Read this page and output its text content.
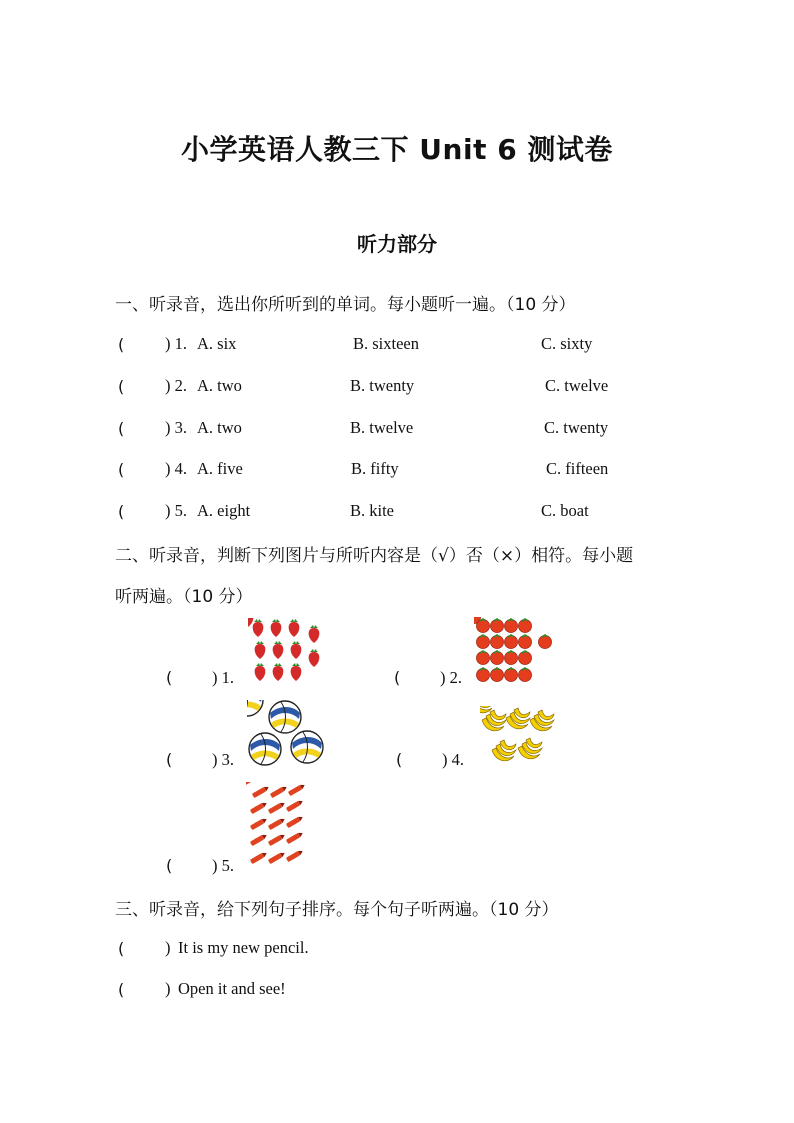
小学英语人教三下 Unit 6 测试卷
听力部分
一、听录音，选出你所听到的单词。每小题听一遍。（10 分）
( ) 1. A. six	B. sixteen	C. sixty
( ) 2. A. two	B. twenty	C. twelve
( ) 3. A. two	B. twelve	C. twenty
( ) 4. A. five	B. fifty	C. fifteen
( ) 5. A. eight	B. kite	C. boat
二、听录音，判断下列图片与所听内容是（√）否（×）相符。每小题
听两遍。（10 分）
( ) 1.	( ) 2.
( ) 3.	( ) 4.
( ) 5.
三、听录音，给下列句子排序。每个句子听两遍。（10 分）
( ) It is my new pencil.
( ) Open it and see!
